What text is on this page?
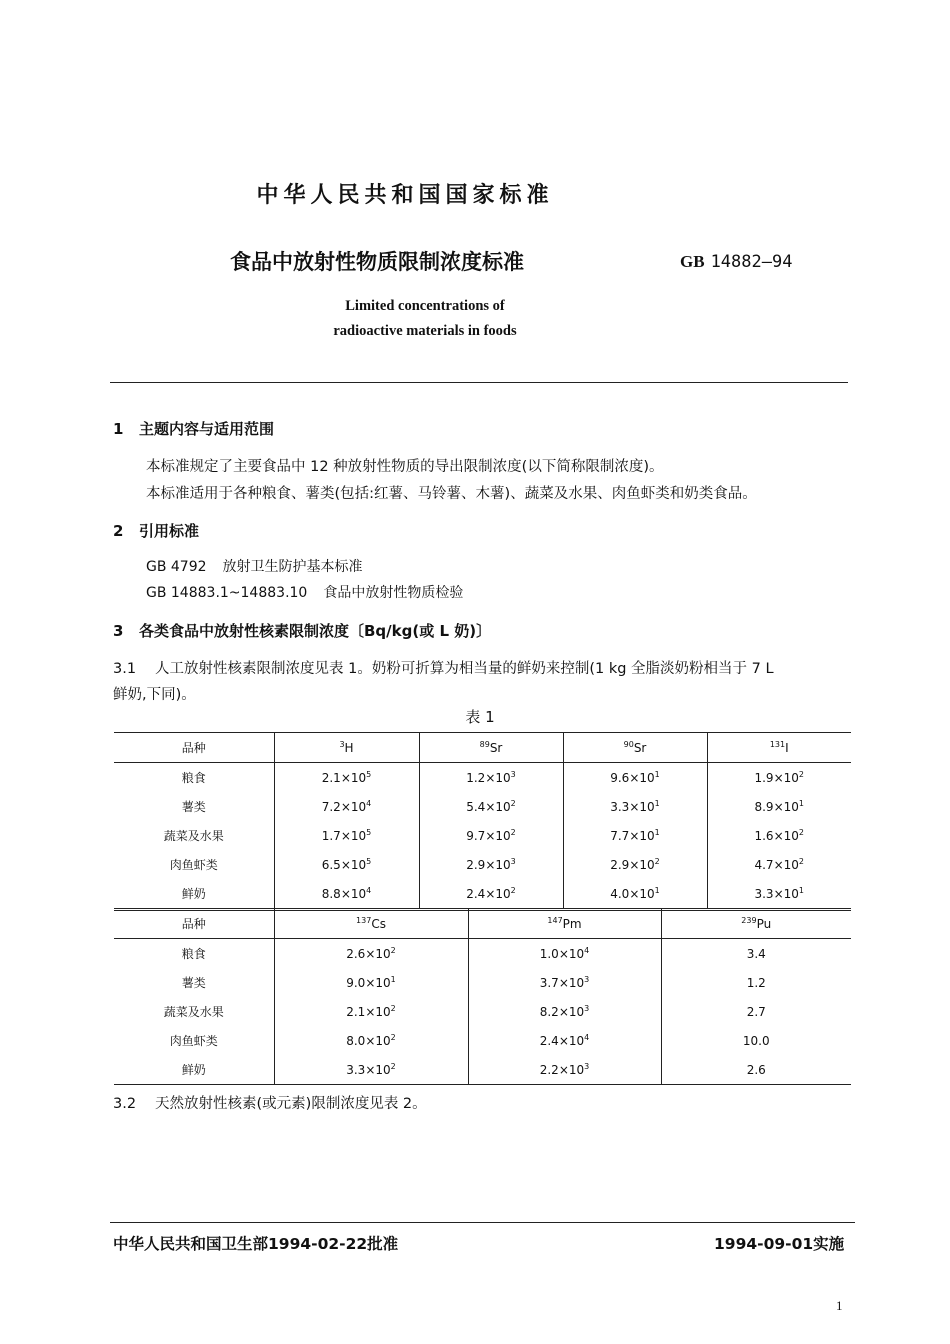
中华人民共和国国家标准
食品中放射性物质限制浓度标准	GB 14882—94
Limited concentrations of
radioactive materials in foods
1 主题内容与适用范围
本标准规定了主要食品中 12 种放射性物质的导出限制浓度(以下简称限制浓度)。
本标准适用于各种粮食、薯类(包括:红薯、马铃薯、木薯)、蔬菜及水果、肉鱼虾类和奶类食品。
2 引用标准
GB 4792 放射卫生防护基本标准
GB 14883.1~14883.10 食品中放射性物质检验
3 各类食品中放射性核素限制浓度〔Bq/kg(或 L 奶)〕
3.1 人工放射性核素限制浓度见表 1。奶粉可折算为相当量的鲜奶来控制(1 kg 全脂淡奶粉相当于 7 L
鲜奶,下同)。
表 1
品种	$^3$H	$^{89}$Sr	$^{90}$Sr	$^{131}$I
粮食	$2.1\times 10^5$	$1.2\times 10^3$	$9.6\times 10^1$	$1.9\times 10^2$
薯类	$7.2\times 10^4$	$5.4\times 10^2$	$3.3\times 10^1$	$8.9\times 10^1$
蔬菜及水果	$1.7\times 10^5$	$9.7\times 10^2$	$7.7\times 10^1$	$1.6\times 10^2$
肉鱼虾类	$6.5\times 10^5$	$2.9\times 10^3$	$2.9\times 10^2$	$4.7\times 10^2$
鲜奶	$8.8\times 10^4$	$2.4\times 10^2$	$4.0\times 10^1$	$3.3\times 10^1$
品种	$^{137}$Cs	$^{147}$Pm	$^{239}$Pu
粮食	$2.6\times 10^2$	$1.0\times 10^4$	3.4
薯类	$9.0\times 10^1$	$3.7\times 10^3$	1.2
蔬菜及水果	$2.1\times 10^2$	$8.2\times 10^3$	2.7
肉鱼虾类	$8.0\times 10^2$	$2.4\times 10^4$	10.0
鲜奶	$3.3\times 10^2$	$2.2\times 10^3$	2.6
3.2 天然放射性核素(或元素)限制浓度见表 2。
中华人民共和国卫生部1994-02-22批准	1994-09-01实施
1
